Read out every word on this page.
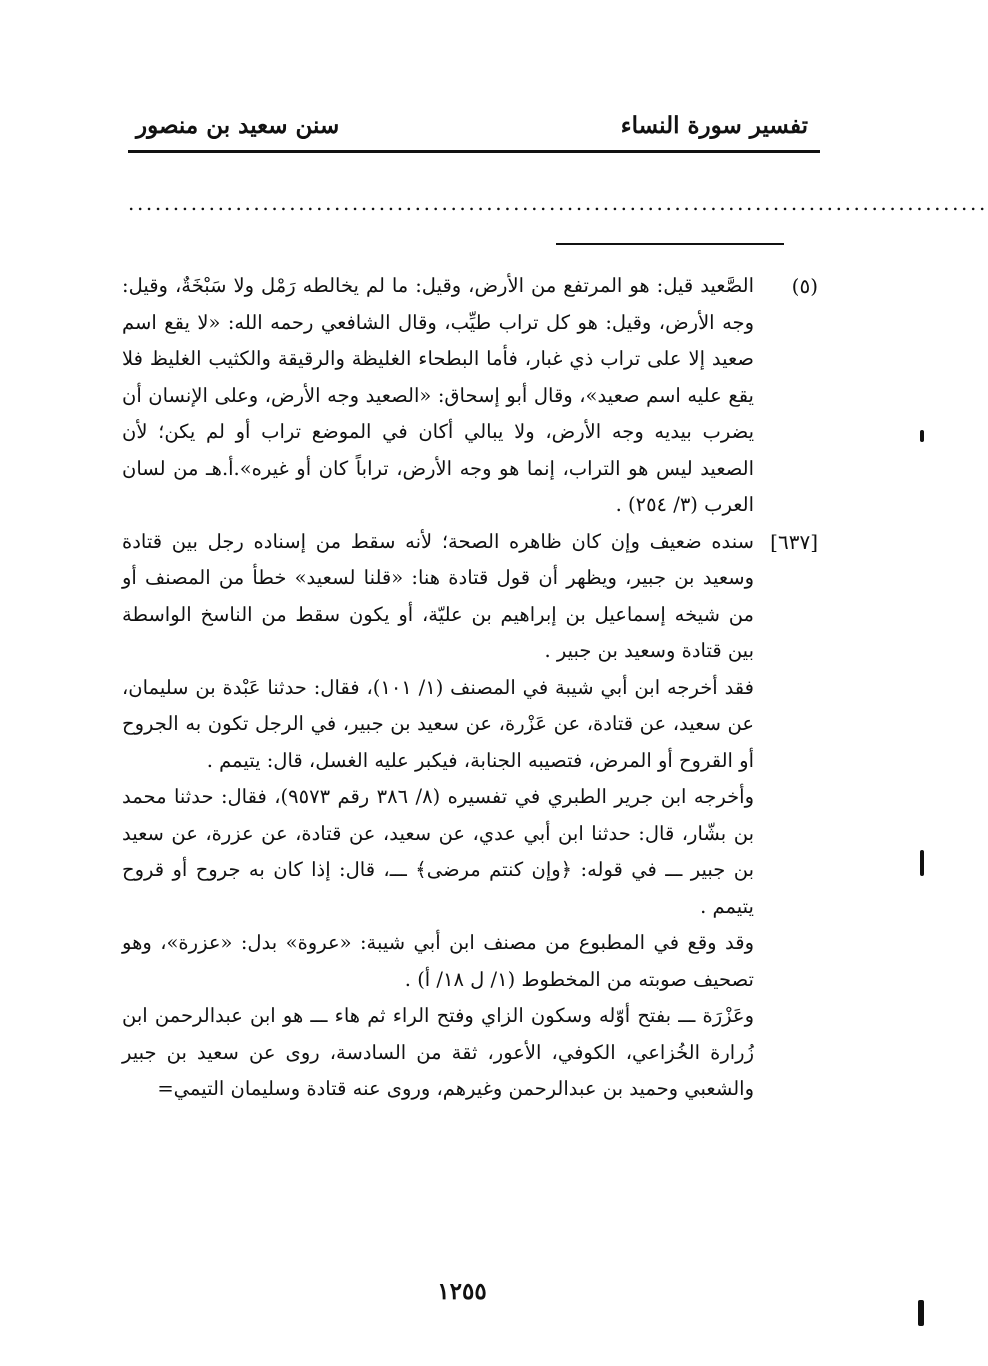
تفسير سورة النساء
سنن سعيد بن منصور
................................................................................................
(٥)

الصَّعيد قيل: هو المرتفع من الأرض، وقيل: ما لم يخالطه رَمْل ولا سَبْخَةٌ، وقيل: وجه الأرض، وقيل: هو كل تراب طيِّب، وقال الشافعي رحمه الله: «لا يقع اسم صعيد إلا على تراب ذي غبار، فأما البطحاء الغليظة والرقيقة والكثيب الغليظ فلا يقع عليه اسم صعيد»، وقال أبو إسحاق: «الصعيد وجه الأرض، وعلى الإنسان أن يضرب بيديه وجه الأرض، ولا يبالي أكان في الموضع تراب أو لم يكن؛ لأن الصعيد ليس هو التراب، إنما هو وجه الأرض، تراباً كان أو غيره».أ.هـ من لسان العرب (٣/ ٢٥٤) .

[٦٣٧]

سنده ضعيف وإن كان ظاهره الصحة؛ لأنه سقط من إسناده رجل بين قتادة وسعيد بن جبير، ويظهر أن قول قتادة هنا: «قلنا لسعيد» خطأ من المصنف أو من شيخه إسماعيل بن إبراهيم بن عليّة، أو يكون سقط من الناسخ الواسطة بين قتادة وسعيد بن جبير .

فقد أخرجه ابن أبي شيبة في المصنف (١/ ١٠١)، فقال: حدثنا عَبْدة بن سليمان، عن سعيد، عن قتادة، عن عَزْرة، عن سعيد بن جبير، في الرجل تكون به الجروح أو القروح أو المرض، فتصيبه الجنابة، فيكبر عليه الغسل، قال: يتيمم .

وأخرجه ابن جرير الطبري في تفسيره (٨/ ٣٨٦ رقم ٩٥٧٣)، فقال: حدثنا محمد بن بشّار، قال: حدثنا ابن أبي عدي، عن سعيد، عن قتادة، عن عزرة، عن سعيد بن جبير ـــ في قوله: ﴿وإن كنتم مرضى﴾ ـــ، قال: إذا كان به جروح أو قروح يتيمم .

وقد وقع في المطبوع من مصنف ابن أبي شيبة: «عروة» بدل: «عزرة»، وهو تصحيف صوبته من المخطوط (١/ ل ١٨/ أ) .

وعَزْرَة ـــ بفتح أوّله وسكون الزاي وفتح الراء ثم هاء ـــ هو ابن عبدالرحمن ابن زُرارة الخُزاعي، الكوفي، الأعور، ثقة من السادسة، روى عن سعيد بن جبير والشعبي وحميد بن عبدالرحمن وغيرهم، وروى عنه قتادة وسليمان التيمي=

١٢٥٥
